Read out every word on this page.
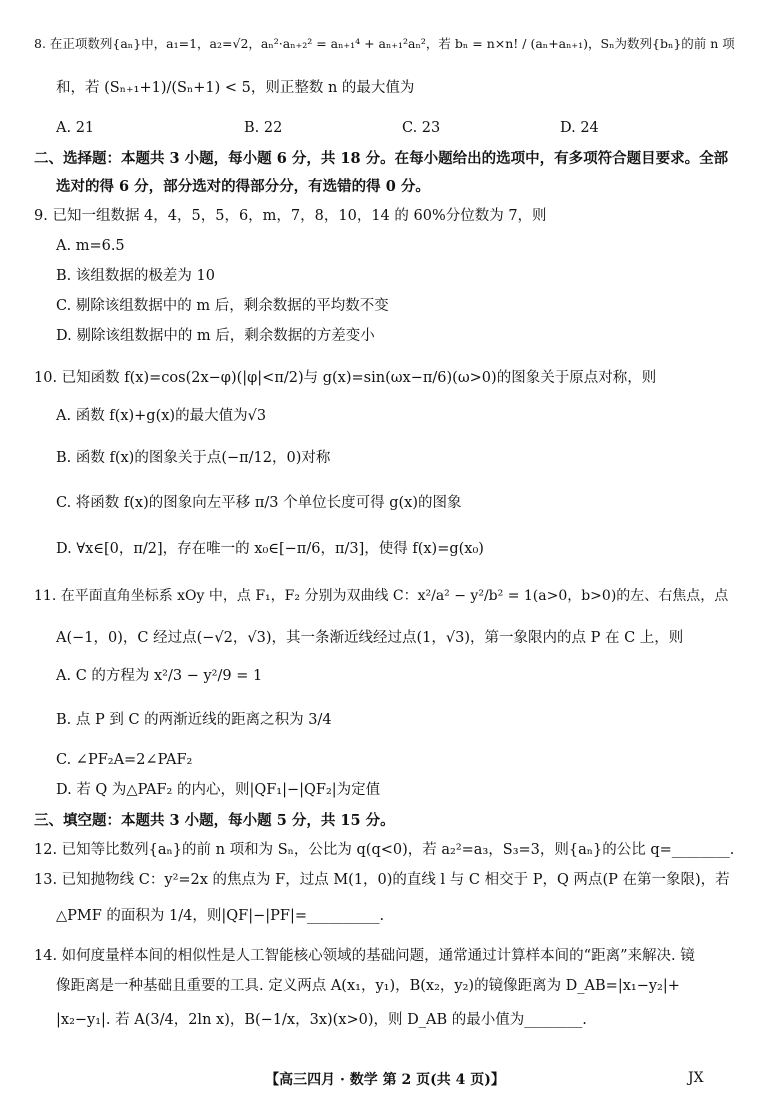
8. 在正项数列{aₙ}中，a₁=1，a₂=√2，aₙ²·aₙ₊₂² = aₙ₊₁⁴ + aₙ₊₁²aₙ²，若 bₙ = n×n! / (aₙ+aₙ₊₁)，Sₙ为数列{bₙ}的前 n 项
和，若 (Sₙ₊₁+1)/(Sₙ+1) < 5，则正整数 n 的最大值为
A. 21	B. 22	C. 23	D. 24
二、选择题：本题共 3 小题，每小题 6 分，共 18 分。在每小题给出的选项中，有多项符合题目要求。全部
选对的得 6 分，部分选对的得部分分，有选错的得 0 分。
9. 已知一组数据 4，4，5，5，6，m，7，8，10，14 的 60%分位数为 7，则
A. m=6.5
B. 该组数据的极差为 10
C. 剔除该组数据中的 m 后，剩余数据的平均数不变
D. 剔除该组数据中的 m 后，剩余数据的方差变小
10. 已知函数 f(x)=cos(2x−φ)(|φ|<π/2)与 g(x)=sin(ωx−π/6)(ω>0)的图象关于原点对称，则
A. 函数 f(x)+g(x)的最大值为√3
B. 函数 f(x)的图象关于点(−π/12，0)对称
C. 将函数 f(x)的图象向左平移 π/3 个单位长度可得 g(x)的图象
D. ∀x∈[0，π/2]，存在唯一的 x₀∈[−π/6，π/3]，使得 f(x)=g(x₀)
11. 在平面直角坐标系 xOy 中，点 F₁，F₂ 分别为双曲线 C：x²/a² − y²/b² = 1(a>0，b>0)的左、右焦点，点
A(−1，0)，C 经过点(−√2，√3)，其一条渐近线经过点(1，√3)，第一象限内的点 P 在 C 上，则
A. C 的方程为 x²/3 − y²/9 = 1
B. 点 P 到 C 的两渐近线的距离之积为 3/4
C. ∠PF₂A=2∠PAF₂
D. 若 Q 为△PAF₂ 的内心，则|QF₁|−|QF₂|为定值
三、填空题：本题共 3 小题，每小题 5 分，共 15 分。
12. 已知等比数列{aₙ}的前 n 项和为 Sₙ，公比为 q(q<0)，若 a₂²=a₃，S₃=3，则{aₙ}的公比 q=________.
13. 已知抛物线 C：y²=2x 的焦点为 F，过点 M(1，0)的直线 l 与 C 相交于 P，Q 两点(P 在第一象限)，若
△PMF 的面积为 1/4，则|QF|−|PF|=__________.
14. 如何度量样本间的相似性是人工智能核心领域的基础问题，通常通过计算样本间的“距离”来解决. 镜
像距离是一种基础且重要的工具. 定义两点 A(x₁，y₁)，B(x₂，y₂)的镜像距离为 D_AB=|x₁−y₂|+
|x₂−y₁|. 若 A(3/4，2ln x)，B(−1/x，3x)(x>0)，则 D_AB 的最小值为________.
【高三四月 · 数学 第 2 页(共 4 页)】	JX
